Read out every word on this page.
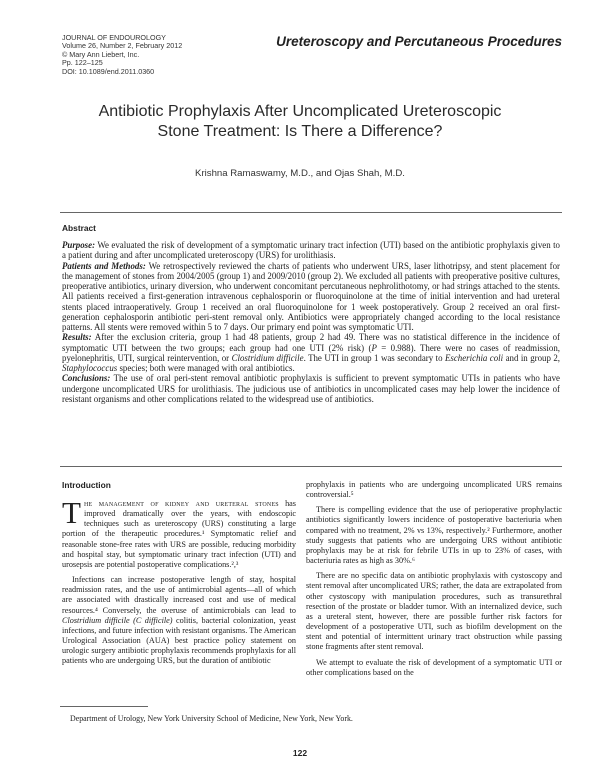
JOURNAL OF ENDOUROLOGY
Volume 26, Number 2, February 2012
© Mary Ann Liebert, Inc.
Pp. 122–125
DOI: 10.1089/end.2011.0360
Ureteroscopy and Percutaneous Procedures
Antibiotic Prophylaxis After Uncomplicated Ureteroscopic
Stone Treatment: Is There a Difference?
Krishna Ramaswamy, M.D., and Ojas Shah, M.D.
Abstract

Purpose: We evaluated the risk of development of a symptomatic urinary tract infection (UTI) based on the antibiotic prophylaxis given to a patient during and after uncomplicated ureteroscopy (URS) for urolithiasis.

Patients and Methods: We retrospectively reviewed the charts of patients who underwent URS, laser lithotripsy, and stent placement for the management of stones from 2004/2005 (group 1) and 2009/2010 (group 2). We excluded all patients with preoperative positive cultures, preoperative antibiotics, urinary diversion, who underwent concomitant percutaneous nephrolithotomy, or had strings attached to the stents. All patients received a first-generation intravenous cephalosporin or fluoroquinolone at the time of initial intervention and had ureteral stents placed intraoperatively. Group 1 received an oral fluoroquinolone for 1 week postoperatively. Group 2 received an oral first-generation cephalosporin antibiotic peri-stent removal only. Antibiotics were appropriately changed according to the local resistance patterns. All stents were removed within 5 to 7 days. Our primary end point was symptomatic UTI.

Results: After the exclusion criteria, group 1 had 48 patients, group 2 had 49. There was no statistical difference in the incidence of symptomatic UTI between the two groups; each group had one UTI (2% risk) (P = 0.988). There were no cases of readmission, pyelonephritis, UTI, surgical reintervention, or Clostridium difficile. The UTI in group 1 was secondary to Escherichia coli and in group 2, Staphylococcus species; both were managed with oral antibiotics.

Conclusions: The use of oral peri-stent removal antibiotic prophylaxis is sufficient to prevent symptomatic UTIs in patients who have undergone uncomplicated URS for urolithiasis. The judicious use of antibiotics in uncomplicated cases may help lower the incidence of resistant organisms and other complications related to the widespread use of antibiotics.

Introduction

The management of kidney and ureteral stones has improved dramatically over the years, with endoscopic techniques such as ureteroscopy (URS) constituting a large portion of the therapeutic procedures.¹ Symptomatic relief and reasonable stone-free rates with URS are possible, reducing morbidity and hospital stay, but symptomatic urinary tract infection (UTI) and urosepsis are potential postoperative complications.²,³

Infections can increase postoperative length of stay, hospital readmission rates, and the use of antimicrobial agents—all of which are associated with drastically increased cost and use of medical resources.⁴ Conversely, the overuse of antimicrobials can lead to Clostridium difficile (C difficile) colitis, bacterial colonization, yeast infections, and future infection with resistant organisms. The American Urological Association (AUA) best practice policy statement on urologic surgery antibiotic prophylaxis recommends prophylaxis for all patients who are undergoing URS, but the duration of antibiotic

prophylaxis in patients who are undergoing uncomplicated URS remains controversial.⁵

There is compelling evidence that the use of perioperative prophylactic antibiotics significantly lowers incidence of postoperative bacteriuria when compared with no treatment, 2% vs 13%, respectively.² Furthermore, another study suggests that patients who are undergoing URS without antibiotic prophylaxis may be at risk for febrile UTIs in up to 23% of cases, with bacteriuria rates as high as 30%.⁶

There are no specific data on antibiotic prophylaxis with cystoscopy and stent removal after uncomplicated URS; rather, the data are extrapolated from other cystoscopy with manipulation procedures, such as transurethral resection of the prostate or bladder tumor. With an internalized device, such as a ureteral stent, however, there are possible further risk factors for development of a postoperative UTI, such as biofilm development on the stent and potential of intermittent urinary tract obstruction while passing stone fragments after stent removal.

We attempt to evaluate the risk of development of a symptomatic UTI or other complications based on the

Department of Urology, New York University School of Medicine, New York, New York.
122
